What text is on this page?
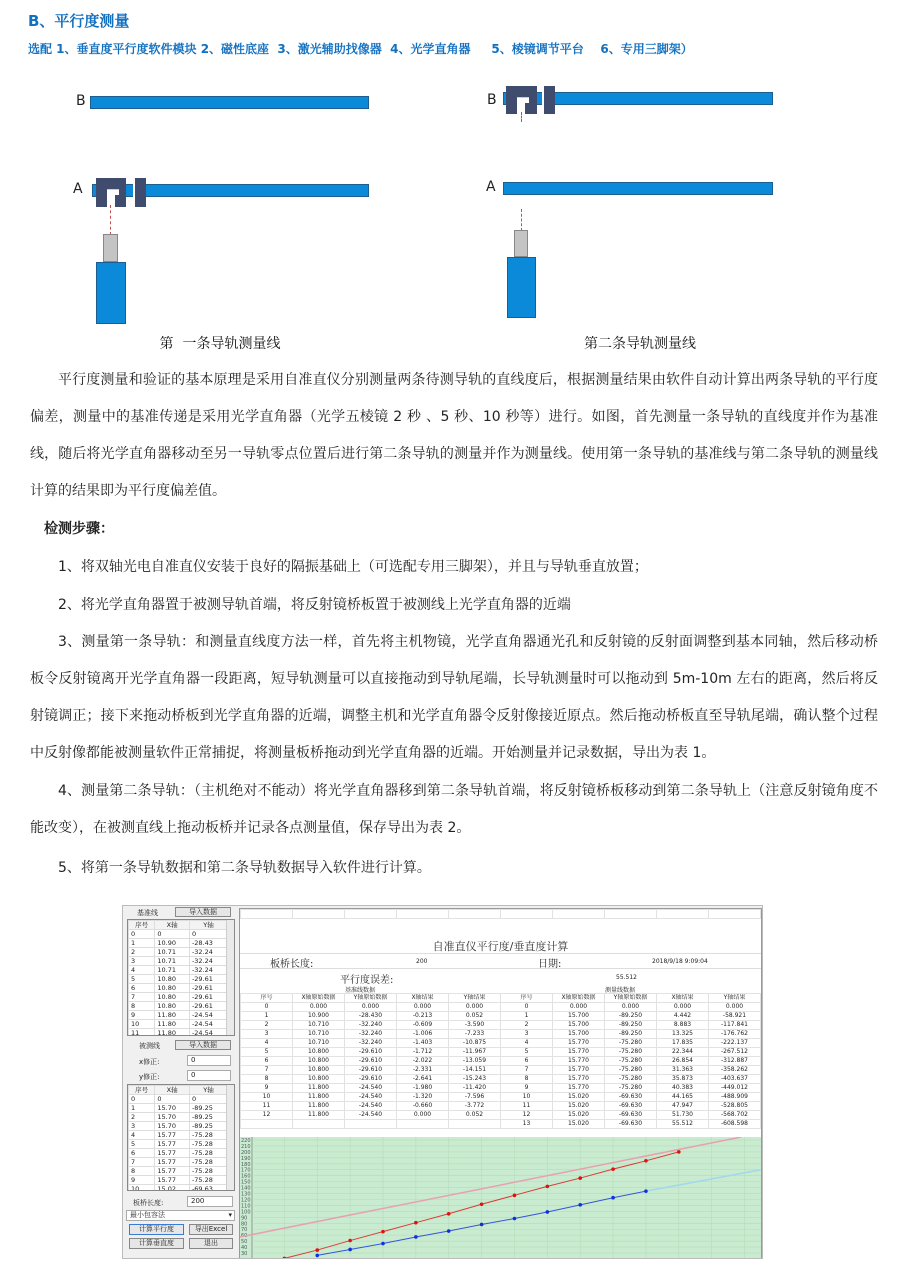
B、平行度测量
选配 1、垂直度平行度软件模块 2、磁性底座  3、激光辅助找像器  4、光学直角器     5、棱镜调节平台    6、专用三脚架）
B
A
第  一条导轨测量线
B
A
第二条导轨测量线
平行度测量和验证的基本原理是采用自准直仪分别测量两条待测导轨的直线度后，根据测量结果由软件自动计算出两条导轨的平行度偏差，测量中的基准传递是采用光学直角器（光学五棱镜 2 秒 、5 秒、10 秒等）进行。如图，首先测量一条导轨的直线度并作为基准线，随后将光学直角器移动至另一导轨零点位置后进行第二条导轨的测量并作为测量线。使用第一条导轨的基准线与第二条导轨的测量线计算的结果即为平行度偏差值。
检测步骤：
1、将双轴光电自准直仪安装于良好的隔振基础上（可选配专用三脚架），并且与导轨垂直放置；
2、将光学直角器置于被测导轨首端，将反射镜桥板置于被测线上光学直角器的近端
3、测量第一条导轨：和测量直线度方法一样，首先将主机物镜，光学直角器通光孔和反射镜的反射面调整到基本同轴，然后移动桥板令反射镜离开光学直角器一段距离，短导轨测量可以直接拖动到导轨尾端，长导轨测量时可以拖动到 5m-10m 左右的距离，然后将反射镜调正；接下来拖动桥板到光学直角器的近端，调整主机和光学直角器令反射像接近原点。然后拖动桥板直至导轨尾端，确认整个过程中反射像都能被测量软件正常捕捉，将测量板桥拖动到光学直角器的近端。开始测量并记录数据，导出为表 1。
4、测量第二条导轨：（主机绝对不能动）将光学直角器移到第二条导轨首端，将反射镜桥板移动到第二条导轨上（注意反射镜角度不能改变），在被测直线上拖动板桥并记录各点测量值，保存导出为表 2。
5、将第一条导轨数据和第二条导轨数据导入软件进行计算。
基准线	导入数据
序号	X轴	Y轴
0	0	0
1	10.90	-28.43
2	10.71	-32.24
3	10.71	-32.24
4	10.71	-32.24
5	10.80	-29.61
6	10.80	-29.61
7	10.80	-29.61
8	10.80	-29.61
9	11.80	-24.54
10	11.80	-24.54
11	11.80	-24.54
被测线	导入数据
x修正:	0
y修正:	0
序号	X轴	Y轴
0	0	0
1	15.70	-89.25
2	15.70	-89.25
3	15.70	-89.25
4	15.77	-75.28
5	15.77	-75.28
6	15.77	-75.28
7	15.77	-75.28
8	15.77	-75.28
9	15.77	-75.28
10	15.02	-69.63
板桥长度:	200
最小包容法	▾
计算平行度	导出Excel
计算垂直度	退出

自准直仪平行度/垂直度计算
板桥长度:	200	日期:	2018/9/18 9:09:04
平行度误差:	55.512
基准线数据	测量线数据
序号	X轴原始数据	Y轴原始数据	X轴结果	Y轴结果	序号	X轴原始数据	Y轴原始数据	X轴结果	Y轴结果
0	0.000	0.000	0.000	0.000	0	0.000	0.000	0.000	0.000
1	10.900	-28.430	-0.213	0.052	1	15.700	-89.250	4.442	-58.921
2	10.710	-32.240	-0.609	-3.590	2	15.700	-89.250	8.883	-117.841
3	10.710	-32.240	-1.006	-7.233	3	15.700	-89.250	13.325	-176.762
4	10.710	-32.240	-1.403	-10.875	4	15.770	-75.280	17.835	-222.137
5	10.800	-29.610	-1.712	-11.967	5	15.770	-75.280	22.344	-267.512
6	10.800	-29.610	-2.022	-13.059	6	15.770	-75.280	26.854	-312.887
7	10.800	-29.610	-2.331	-14.151	7	15.770	-75.280	31.363	-358.262
8	10.800	-29.610	-2.641	-15.243	8	15.770	-75.280	35.873	-403.637
9	11.800	-24.540	-1.980	-11.420	9	15.770	-75.280	40.383	-449.012
10	11.800	-24.540	-1.320	-7.596	10	15.020	-69.630	44.165	-488.909
11	11.800	-24.540	-0.660	-3.772	11	15.020	-69.630	47.947	-528.805
12	11.800	-24.540	0.000	0.052	12	15.020	-69.630	51.730	-568.702
					13	15.020	-69.630	55.512	-608.598
30
40
50
70
80
90
100
110
120
130
140
150
160
170
180
190
200
210
220
